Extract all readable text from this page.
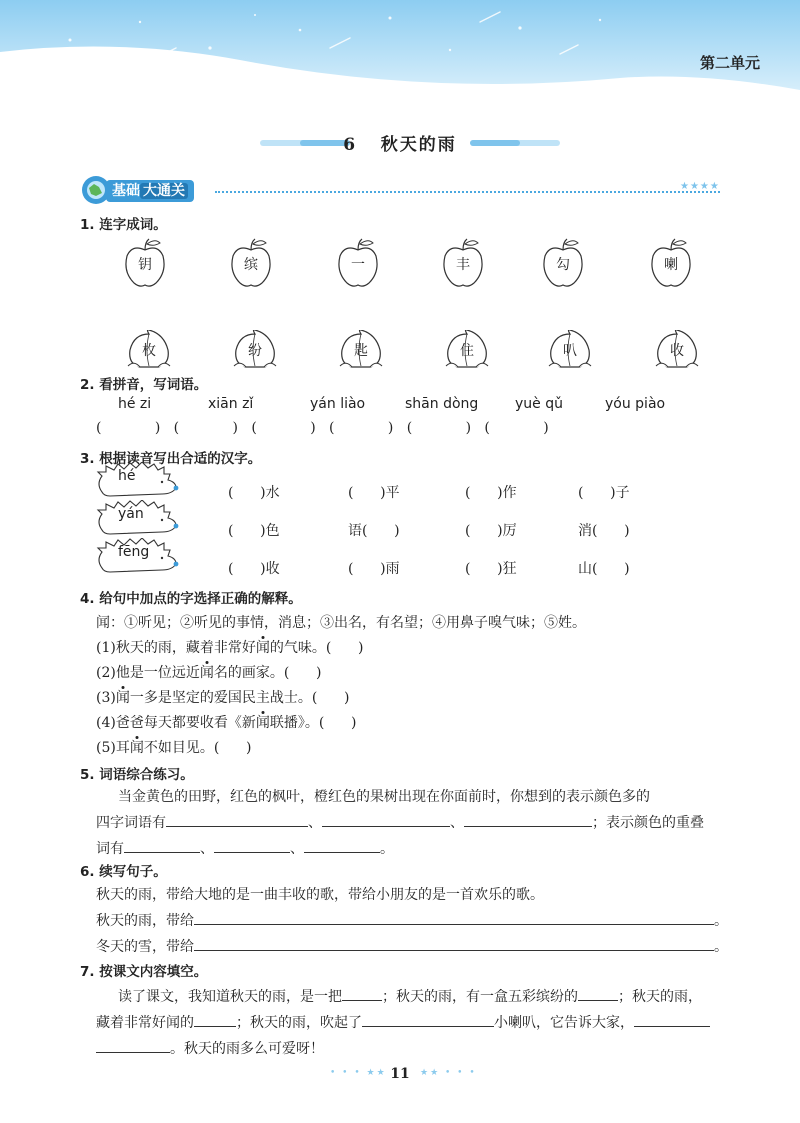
第二单元
6 秋天的雨
基础 大通关	★★★★
1. 连字成词。
钥	缤	一	丰	勾	喇
枚	纷	匙	住	叭	收
2. 看拼音，写词语。
hé zi	xiān zǐ	yán liào	shān dòng	yuè qǔ	yóu piào
(            )   (            )   (            )   (            )   (            )   (            )
3. 根据读音写出合适的汉字。
hé
(      )水	(      )平	(      )作	(      )子
yán
(      )色	语(      )	(      )厉	消(      )
fēng
(      )收	(      )雨	(      )狂	山(      )
4. 给句中加点的字选择正确的解释。
闻：①听见；②听见的事情，消息；③出名，有名望；④用鼻子嗅气味；⑤姓。
(1)秋天的雨，藏着非常好闻的气味。(      )
(2)他是一位远近闻名的画家。(      )
(3)闻一多是坚定的爱国民主战士。(      )
(4)爸爸每天都要收看《新闻联播》。(      )
(5)耳闻不如目见。(      )
5. 词语综合练习。
当金黄色的田野，红色的枫叶，橙红色的果树出现在你面前时，你想到的表示颜色多的
四字词语有	、	、	；表示颜色的重叠
词有	、	、	。
6. 续写句子。
秋天的雨，带给大地的是一曲丰收的歌，带给小朋友的是一首欢乐的歌。
秋天的雨，带给	。
冬天的雪，带给	。
7. 按课文内容填空。
读了课文，我知道秋天的雨，是一把	；秋天的雨，有一盒五彩缤纷的	；秋天的雨，
藏着非常好闻的	；秋天的雨，吹起了	小喇叭，它告诉大家，
。秋天的雨多么可爱呀！
• • • ★★ 11	★★ • • •
